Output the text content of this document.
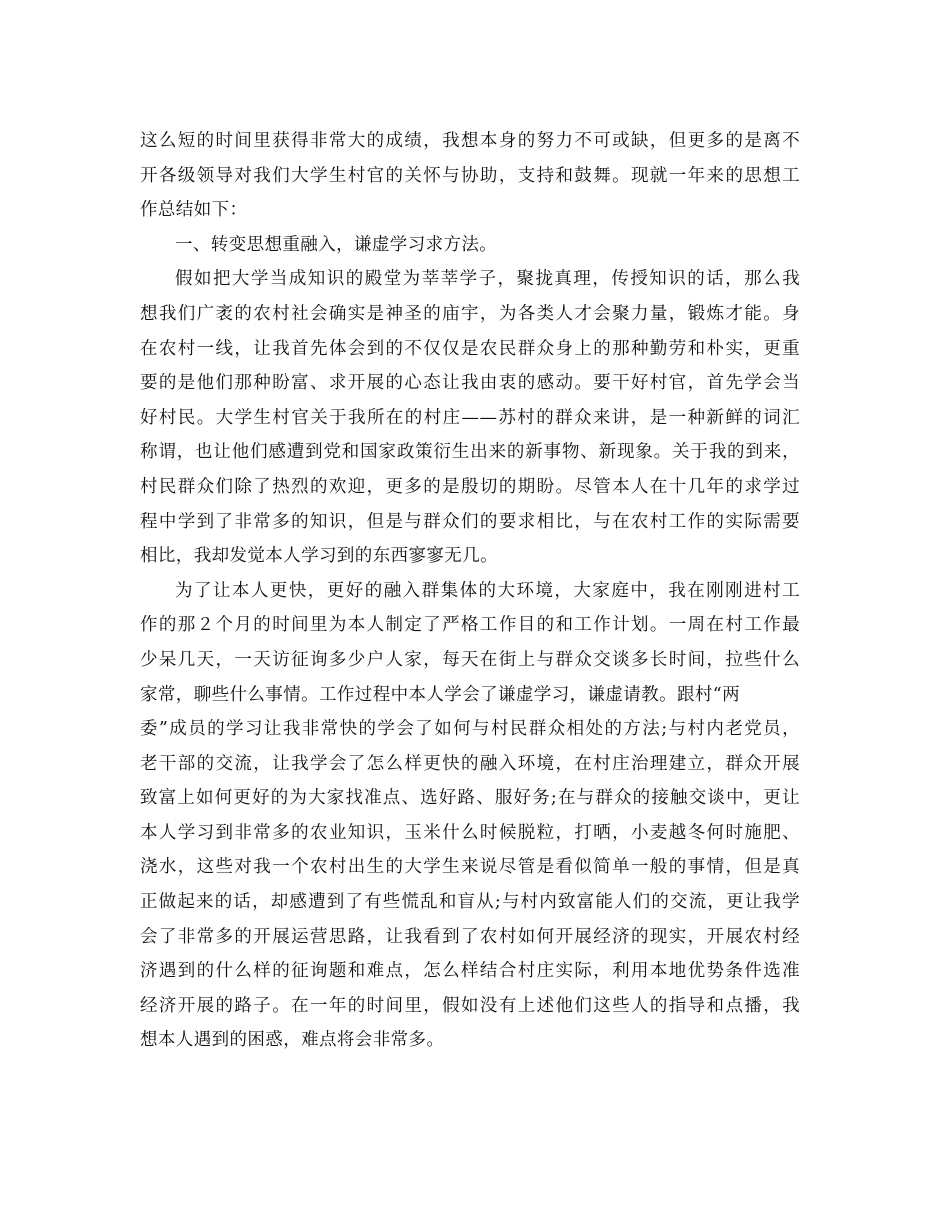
这么短的时间里获得非常大的成绩，我想本身的努力不可或缺，但更多的是离不
开各级领导对我们大学生村官的关怀与协助，支持和鼓舞。现就一年来的思想工
作总结如下：
一、转变思想重融入，谦虚学习求方法。
假如把大学当成知识的殿堂为莘莘学子，聚拢真理，传授知识的话，那么我
想我们广袤的农村社会确实是神圣的庙宇，为各类人才会聚力量，锻炼才能。身
在农村一线，让我首先体会到的不仅仅是农民群众身上的那种勤劳和朴实，更重
要的是他们那种盼富、求开展的心态让我由衷的感动。要干好村官，首先学会当
好村民。大学生村官关于我所在的村庄——苏村的群众来讲，是一种新鲜的词汇
称谓，也让他们感遭到党和国家政策衍生出来的新事物、新现象。关于我的到来，
村民群众们除了热烈的欢迎，更多的是殷切的期盼。尽管本人在十几年的求学过
程中学到了非常多的知识，但是与群众们的要求相比，与在农村工作的实际需要
相比，我却发觉本人学习到的东西寥寥无几。
为了让本人更快，更好的融入群集体的大环境，大家庭中，我在刚刚进村工
作的那２个月的时间里为本人制定了严格工作目的和工作计划。一周在村工作最
少呆几天，一天访征询多少户人家，每天在街上与群众交谈多长时间，拉些什么
家常，聊些什么事情。工作过程中本人学会了谦虚学习，谦虚请教。跟村“两
委”成员的学习让我非常快的学会了如何与村民群众相处的方法;与村内老党员，
老干部的交流，让我学会了怎么样更快的融入环境，在村庄治理建立，群众开展
致富上如何更好的为大家找准点、选好路、服好务;在与群众的接触交谈中，更让
本人学习到非常多的农业知识，玉米什么时候脱粒，打晒，小麦越冬何时施肥、
浇水，这些对我一个农村出生的大学生来说尽管是看似简单一般的事情，但是真
正做起来的话，却感遭到了有些慌乱和盲从;与村内致富能人们的交流，更让我学
会了非常多的开展运营思路，让我看到了农村如何开展经济的现实，开展农村经
济遇到的什么样的征询题和难点，怎么样结合村庄实际，利用本地优势条件选准
经济开展的路子。在一年的时间里，假如没有上述他们这些人的指导和点播，我
想本人遇到的困惑，难点将会非常多。
